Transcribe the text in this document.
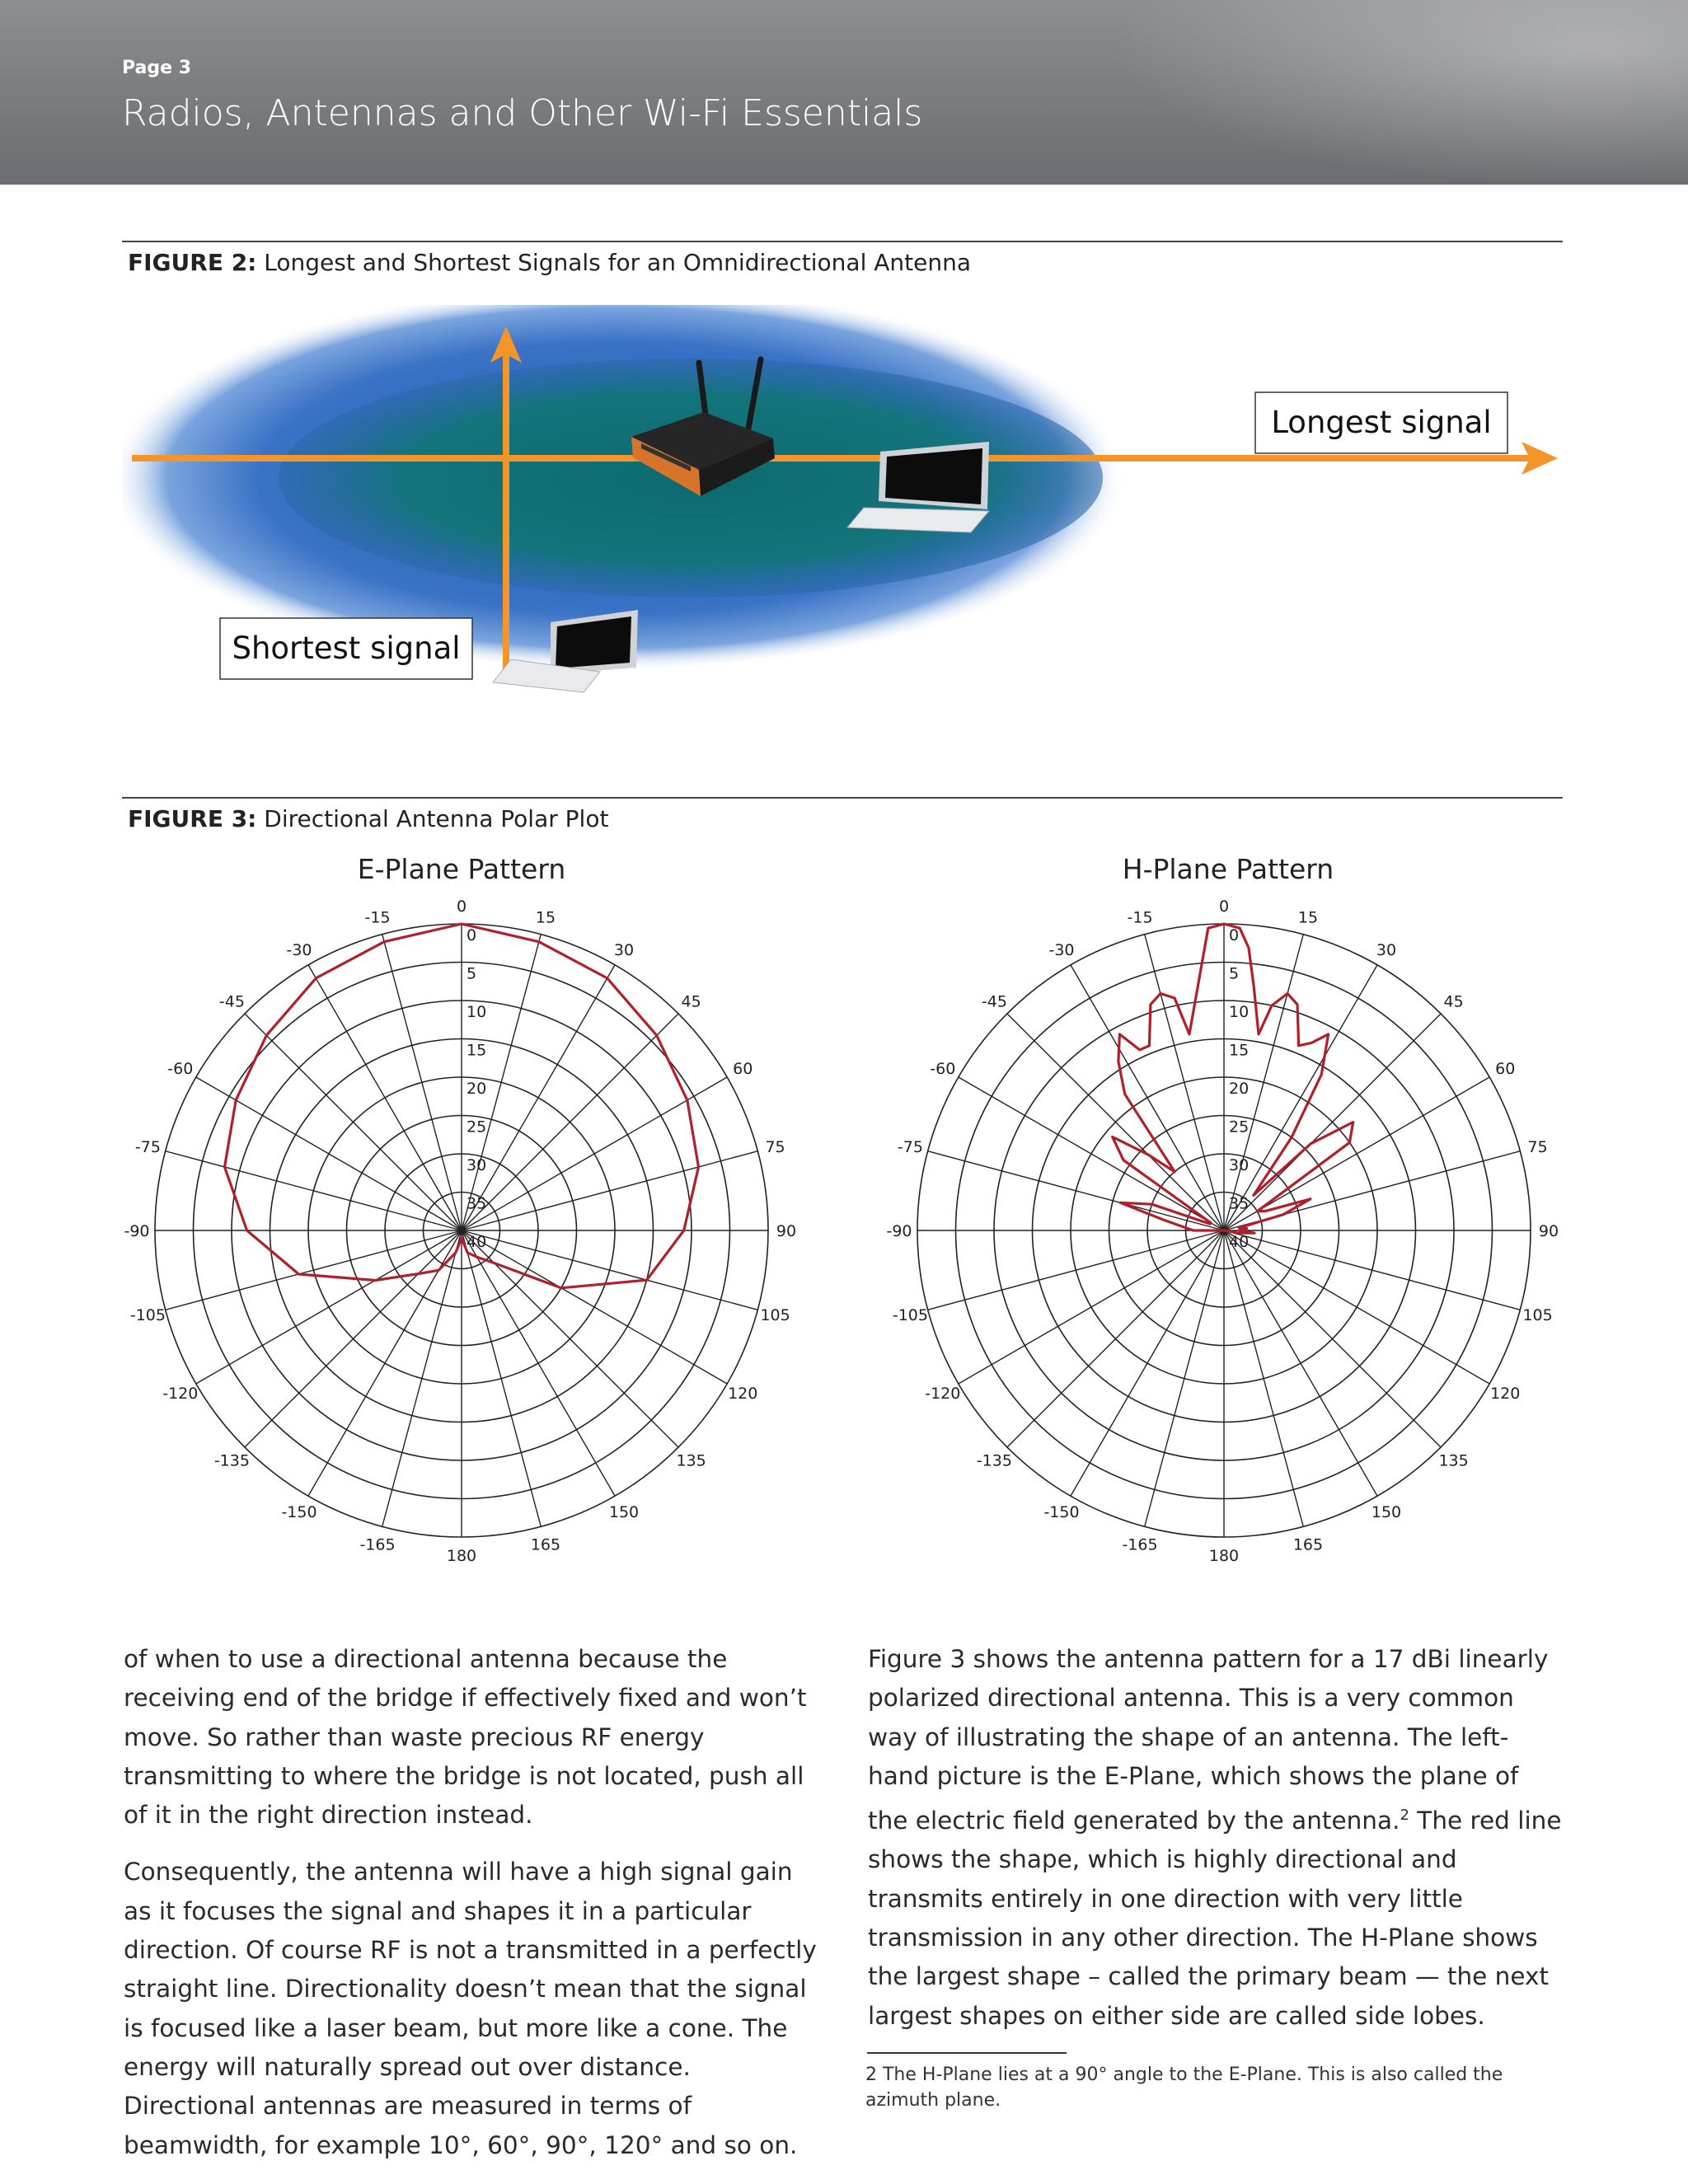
Page 3
Radios, Antennas and Other Wi-Fi Essentials
FIGURE 2: Longest and Shortest Signals for an Omnidirectional Antenna
Longest signal
Shortest signal
FIGURE 3: Directional Antenna Polar Plot
E-Plane Pattern	H-Plane Pattern
0
15
30
45
60
75
90
105
120
135
150
165
180
-165
-150
-135
-120
-105
-90
-75
-60
-45
-30
-15
0
5
10
15
20
25
30
35
40
0
15
30
45
60
75
90
105
120
135
150
165
180
-165
-150
-135
-120
-105
-90
-75
-60
-45
-30
-15
0
5
10
15
20
25
30
35
40

of when to use a directional antenna because the receiving end of the bridge if effectively fixed and won’t move. So rather than waste precious RF energy transmitting to where the bridge is not located, push all of it in the right direction instead.

Consequently, the antenna will have a high signal gain as it focuses the signal and shapes it in a particular direction. Of course RF is not a transmitted in a perfectly straight line. Directionality doesn’t mean that the signal is focused like a laser beam, but more like a cone. The energy will naturally spread out over distance. Directional antennas are measured in terms of beamwidth, for example 10°, 60°, 90°, 120° and so on.

Figure 3 shows the antenna pattern for a 17 dBi linearly polarized directional antenna. This is a very common way of illustrating the shape of an antenna. The left-hand picture is the E-Plane, which shows the plane of the electric field generated by the antenna.$^2$ The red line shows the shape, which is highly directional and transmits entirely in one direction with very little transmission in any other direction. The H-Plane shows the largest shape – called the primary beam — the next largest shapes on either side are called side lobes.

2 The H-Plane lies at a 90° angle to the E-Plane. This is also called the azimuth plane.
